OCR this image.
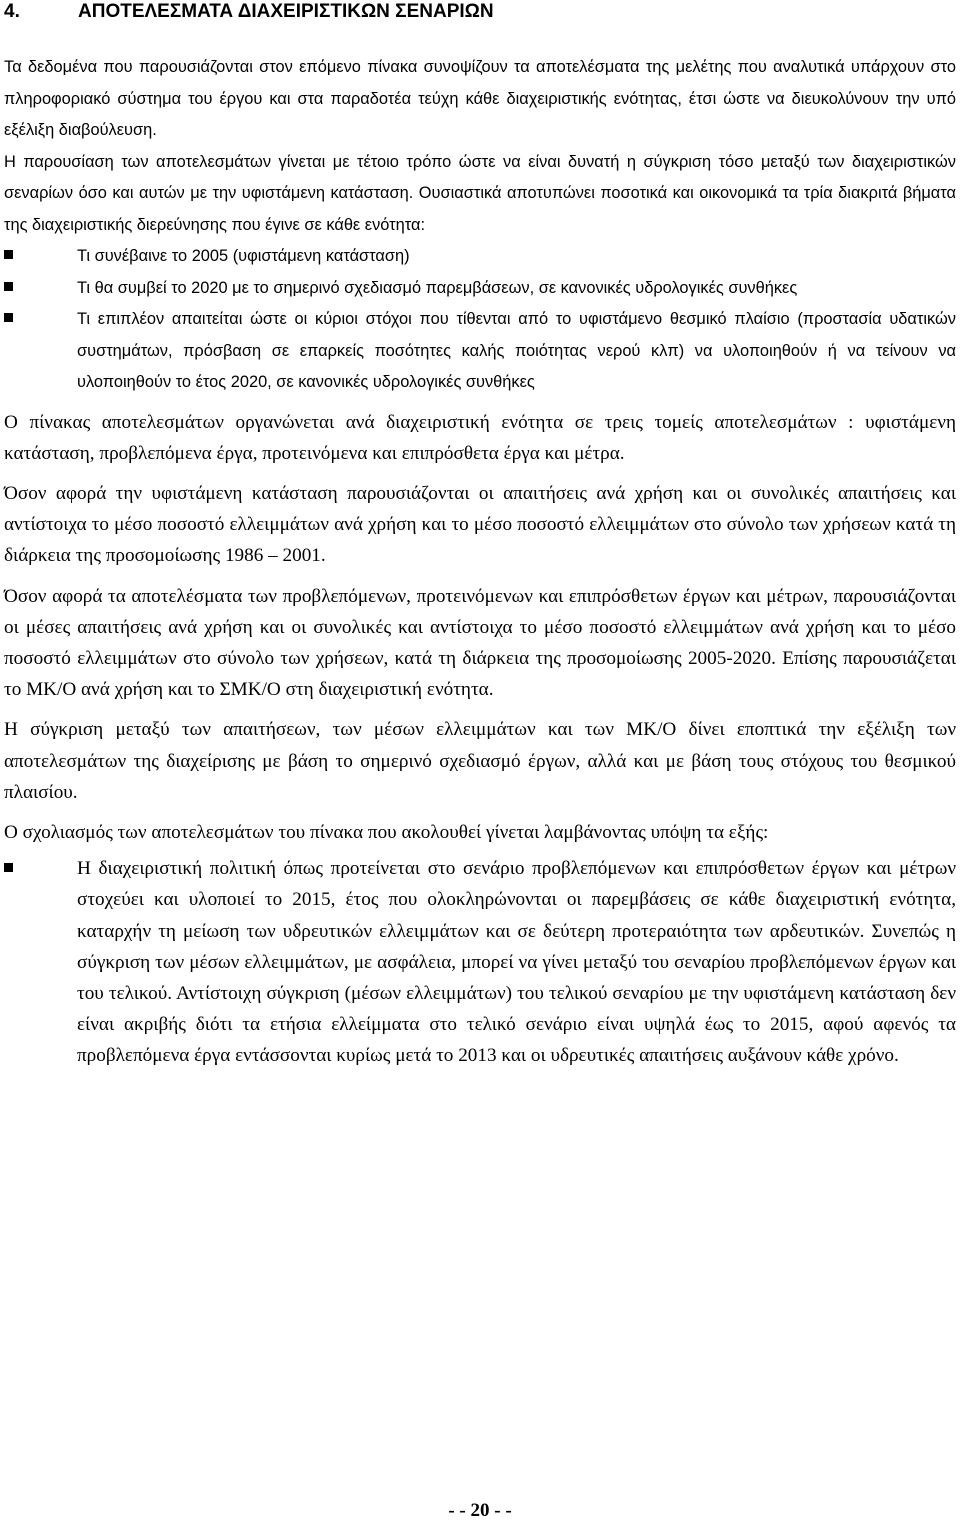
4.	ΑΠΟΤΕΛΕΣΜΑΤΑ ΔΙΑΧΕΙΡΙΣΤΙΚΩΝ ΣΕΝΑΡΙΩΝ

Τα δεδομένα που παρουσιάζονται στον επόμενο πίνακα συνοψίζουν τα αποτελέσματα της μελέτης που αναλυτικά υπάρχουν στο πληροφοριακό σύστημα του έργου και στα παραδοτέα τεύχη κάθε διαχειριστικής ενότητας, έτσι ώστε να διευκολύνουν την υπό εξέλιξη διαβούλευση.

Η παρουσίαση των αποτελεσμάτων γίνεται με τέτοιο τρόπο ώστε να είναι δυνατή η σύγκριση τόσο μεταξύ των διαχειριστικών σεναρίων όσο και αυτών με την υφιστάμενη κατάσταση. Ουσιαστικά αποτυπώνει ποσοτικά και οικονομικά τα τρία διακριτά βήματα της διαχειριστικής διερεύνησης που έγινε σε κάθε ενότητα:

Τι συνέβαινε το 2005 (υφιστάμενη κατάσταση)
Τι θα συμβεί το 2020 με το σημερινό σχεδιασμό παρεμβάσεων, σε κανονικές υδρολογικές συνθήκες
Τι επιπλέον απαιτείται ώστε οι κύριοι στόχοι που τίθενται από το υφιστάμενο θεσμικό πλαίσιο (προστασία υδατικών συστημάτων, πρόσβαση σε επαρκείς ποσότητες καλής ποιότητας νερού κλπ) να υλοποιηθούν ή να τείνουν να υλοποιηθούν το έτος 2020, σε κανονικές υδρολογικές συνθήκες

Ο πίνακας αποτελεσμάτων οργανώνεται ανά διαχειριστική ενότητα σε τρεις τομείς αποτελεσμάτων : υφιστάμενη κατάσταση, προβλεπόμενα έργα, προτεινόμενα και επιπρόσθετα έργα και μέτρα.

Όσον αφορά την υφιστάμενη κατάσταση παρουσιάζονται οι απαιτήσεις ανά χρήση και οι συνολικές απαιτήσεις και αντίστοιχα το μέσο ποσοστό ελλειμμάτων ανά χρήση και το μέσο ποσοστό ελλειμμάτων στο σύνολο των χρήσεων κατά τη διάρκεια της προσομοίωσης 1986 – 2001.

Όσον αφορά τα αποτελέσματα των προβλεπόμενων, προτεινόμενων και επιπρόσθετων έργων και μέτρων, παρουσιάζονται οι μέσες απαιτήσεις ανά χρήση και οι συνολικές και αντίστοιχα το μέσο ποσοστό ελλειμμάτων ανά χρήση και το μέσο ποσοστό ελλειμμάτων στο σύνολο των χρήσεων, κατά τη διάρκεια της προσομοίωσης 2005-2020. Επίσης παρουσιάζεται το ΜΚ/Ο ανά χρήση και το ΣΜΚ/Ο στη διαχειριστική ενότητα.

Η σύγκριση μεταξύ των απαιτήσεων, των μέσων ελλειμμάτων και των ΜΚ/Ο δίνει εποπτικά την εξέλιξη των αποτελεσμάτων της διαχείρισης με βάση το σημερινό σχεδιασμό έργων, αλλά και με βάση τους στόχους του θεσμικού πλαισίου.

Ο σχολιασμός των αποτελεσμάτων του πίνακα που ακολουθεί γίνεται λαμβάνοντας υπόψη τα εξής:

Η διαχειριστική πολιτική όπως προτείνεται στο σενάριο προβλεπόμενων και επιπρόσθετων έργων και μέτρων στοχεύει και υλοποιεί το 2015, έτος που ολοκληρώνονται οι παρεμβάσεις σε κάθε διαχειριστική ενότητα, καταρχήν τη μείωση των υδρευτικών ελλειμμάτων και σε δεύτερη προτεραιότητα των αρδευτικών. Συνεπώς η σύγκριση των μέσων ελλειμμάτων, με ασφάλεια, μπορεί να γίνει μεταξύ του σεναρίου προβλεπόμενων έργων και του τελικού. Αντίστοιχη σύγκριση (μέσων ελλειμμάτων) του τελικού σεναρίου με την υφιστάμενη κατάσταση δεν είναι ακριβής διότι τα ετήσια ελλείμματα στο τελικό σενάριο είναι υψηλά έως το 2015, αφού αφενός τα προβλεπόμενα έργα εντάσσονται κυρίως μετά το 2013 και οι υδρευτικές απαιτήσεις αυξάνουν κάθε χρόνο.
- - 20 - -
